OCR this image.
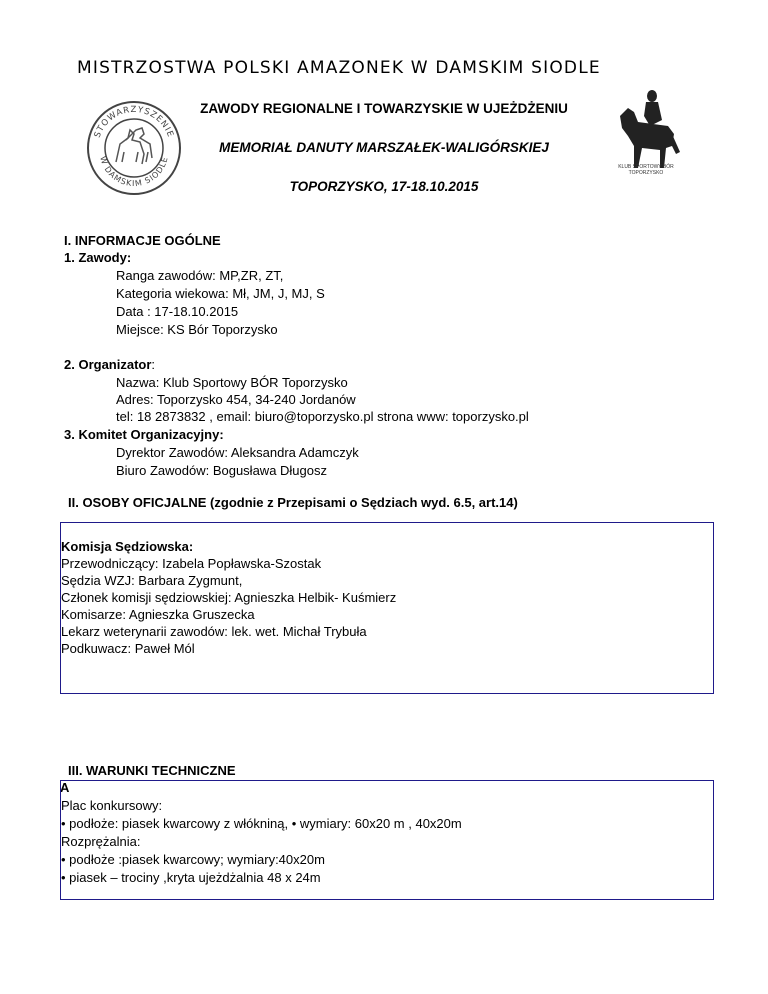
MISTRZOSTWA POLSKI AMAZONEK W DAMSKIM SIODLE
STOWARZYSZENIE
W DAMSKIM SIODLE
ZAWODY REGIONALNE I TOWARZYSKIE W UJEŻDŻENIU
MEMORIAŁ DANUTY MARSZAŁEK-WALIGÓRSKIEJ
TOPORZYSKO, 17-18.10.2015
KLUB SPORTOWY BÓR TOPORZYSKO
I. INFORMACJE OGÓLNE
1. Zawody:
Ranga zawodów: MP,ZR, ZT,
Kategoria wiekowa: Mł, JM, J, MJ, S
Data : 17-18.10.2015
Miejsce: KS Bór Toporzysko
2. Organizator:
Nazwa: Klub Sportowy BÓR Toporzysko
Adres: Toporzysko 454, 34-240 Jordanów
tel: 18 2873832 , email: biuro@toporzysko.pl strona www: toporzysko.pl
3. Komitet Organizacyjny:
Dyrektor Zawodów: Aleksandra Adamczyk
Biuro Zawodów: Bogusława Długosz
II. OSOBY OFICJALNE (zgodnie z Przepisami o Sędziach wyd. 6.5, art.14)
Komisja Sędziowska:
Przewodniczący: Izabela Popławska-Szostak
Sędzia WZJ: Barbara Zygmunt,
Członek komisji sędziowskiej: Agnieszka Helbik- Kuśmierz
Komisarze: Agnieszka Gruszecka
Lekarz weterynarii zawodów: lek. wet. Michał Trybuła
Podkuwacz: Paweł Mól
III. WARUNKI TECHNICZNE
A
Plac konkursowy:
• podłoże: piasek kwarcowy z włókniną, • wymiary: 60x20 m , 40x20m
Rozprężalnia:
• podłoże :piasek kwarcowy; wymiary:40x20m
• piasek – trociny ,kryta ujeżdżalnia 48 x 24m
